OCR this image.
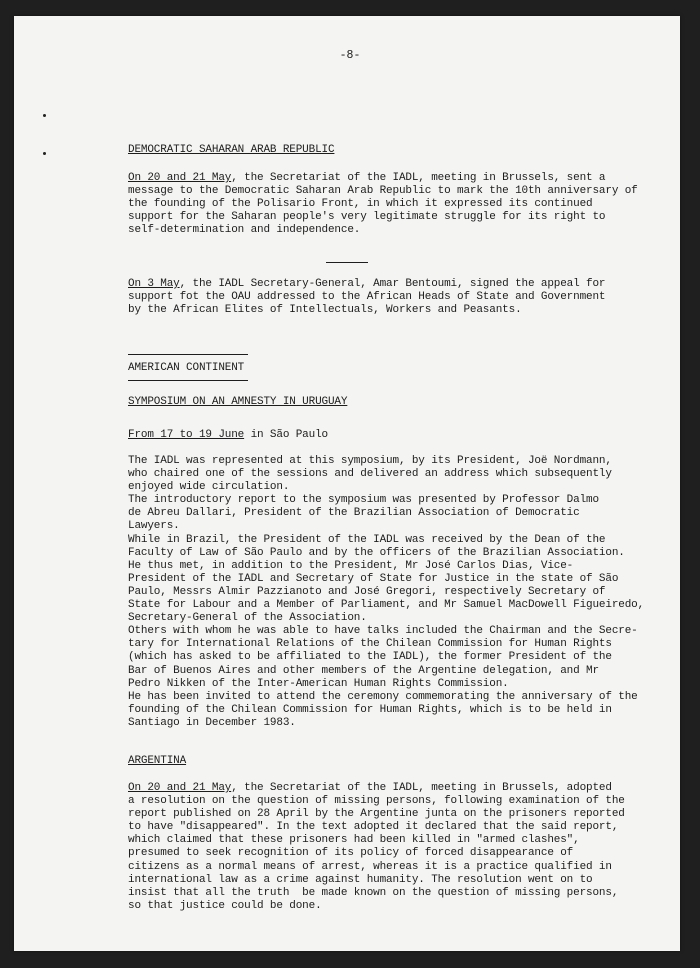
-8-
DEMOCRATIC SAHARAN ARAB REPUBLIC
On 20 and 21 May, the Secretariat of the IADL, meeting in Brussels, sent a
message to the Democratic Saharan Arab Republic to mark the 10th anniversary of
the founding of the Polisario Front, in which it expressed its continued
support for the Saharan people's very legitimate struggle for its right to
self-determination and independence.
On 3 May, the IADL Secretary-General, Amar Bentoumi, signed the appeal for
support fot the OAU addressed to the African Heads of State and Government
by the African Elites of Intellectuals, Workers and Peasants.
AMERICAN CONTINENT
SYMPOSIUM ON AN AMNESTY IN URUGUAY
From 17 to 19 June in São Paulo
The IADL was represented at this symposium, by its President, Joë Nordmann,
who chaired one of the sessions and delivered an address which subsequently
enjoyed wide circulation.
The introductory report to the symposium was presented by Professor Dalmo
de Abreu Dallari, President of the Brazilian Association of Democratic
Lawyers.
While in Brazil, the President of the IADL was received by the Dean of the
Faculty of Law of São Paulo and by the officers of the Brazilian Association.
He thus met, in addition to the President, Mr José Carlos Dias, Vice-
President of the IADL and Secretary of State for Justice in the state of São
Paulo, Messrs Almir Pazzianoto and José Gregori, respectively Secretary of
State for Labour and a Member of Parliament, and Mr Samuel MacDowell Figueiredo,
Secretary-General of the Association.
Others with whom he was able to have talks included the Chairman and the Secre-
tary for International Relations of the Chilean Commission for Human Rights
(which has asked to be affiliated to the IADL), the former President of the
Bar of Buenos Aires and other members of the Argentine delegation, and Mr
Pedro Nikken of the Inter-American Human Rights Commission.
He has been invited to attend the ceremony commemorating the anniversary of the
founding of the Chilean Commission for Human Rights, which is to be held in
Santiago in December 1983.
ARGENTINA
On 20 and 21 May, the Secretariat of the IADL, meeting in Brussels, adopted
a resolution on the question of missing persons, following examination of the
report published on 28 April by the Argentine junta on the prisoners reported
to have "disappeared". In the text adopted it declared that the said report,
which claimed that these prisoners had been killed in "armed clashes",
presumed to seek recognition of its policy of forced disappearance of
citizens as a normal means of arrest, whereas it is a practice qualified in
international law as a crime against humanity. The resolution went on to
insist that all the truth  be made known on the question of missing persons,
so that justice could be done.
